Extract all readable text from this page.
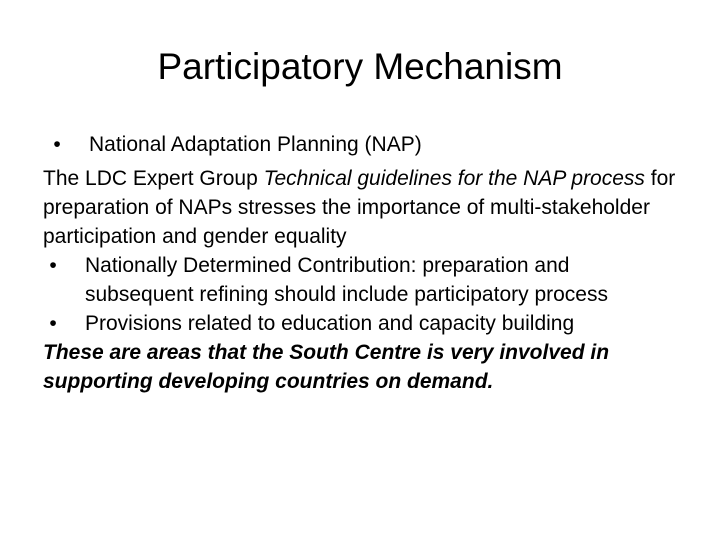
Participatory Mechanism
•	National Adaptation Planning (NAP)

The LDC Expert Group Technical guidelines for the NAP process for preparation of NAPs stresses the importance of multi-stakeholder participation and gender equality

•	Nationally Determined Contribution: preparation and subsequent refining should include participatory process
•	Provisions related to education and capacity building

These are areas that the South Centre is very involved in supporting developing countries on demand.
